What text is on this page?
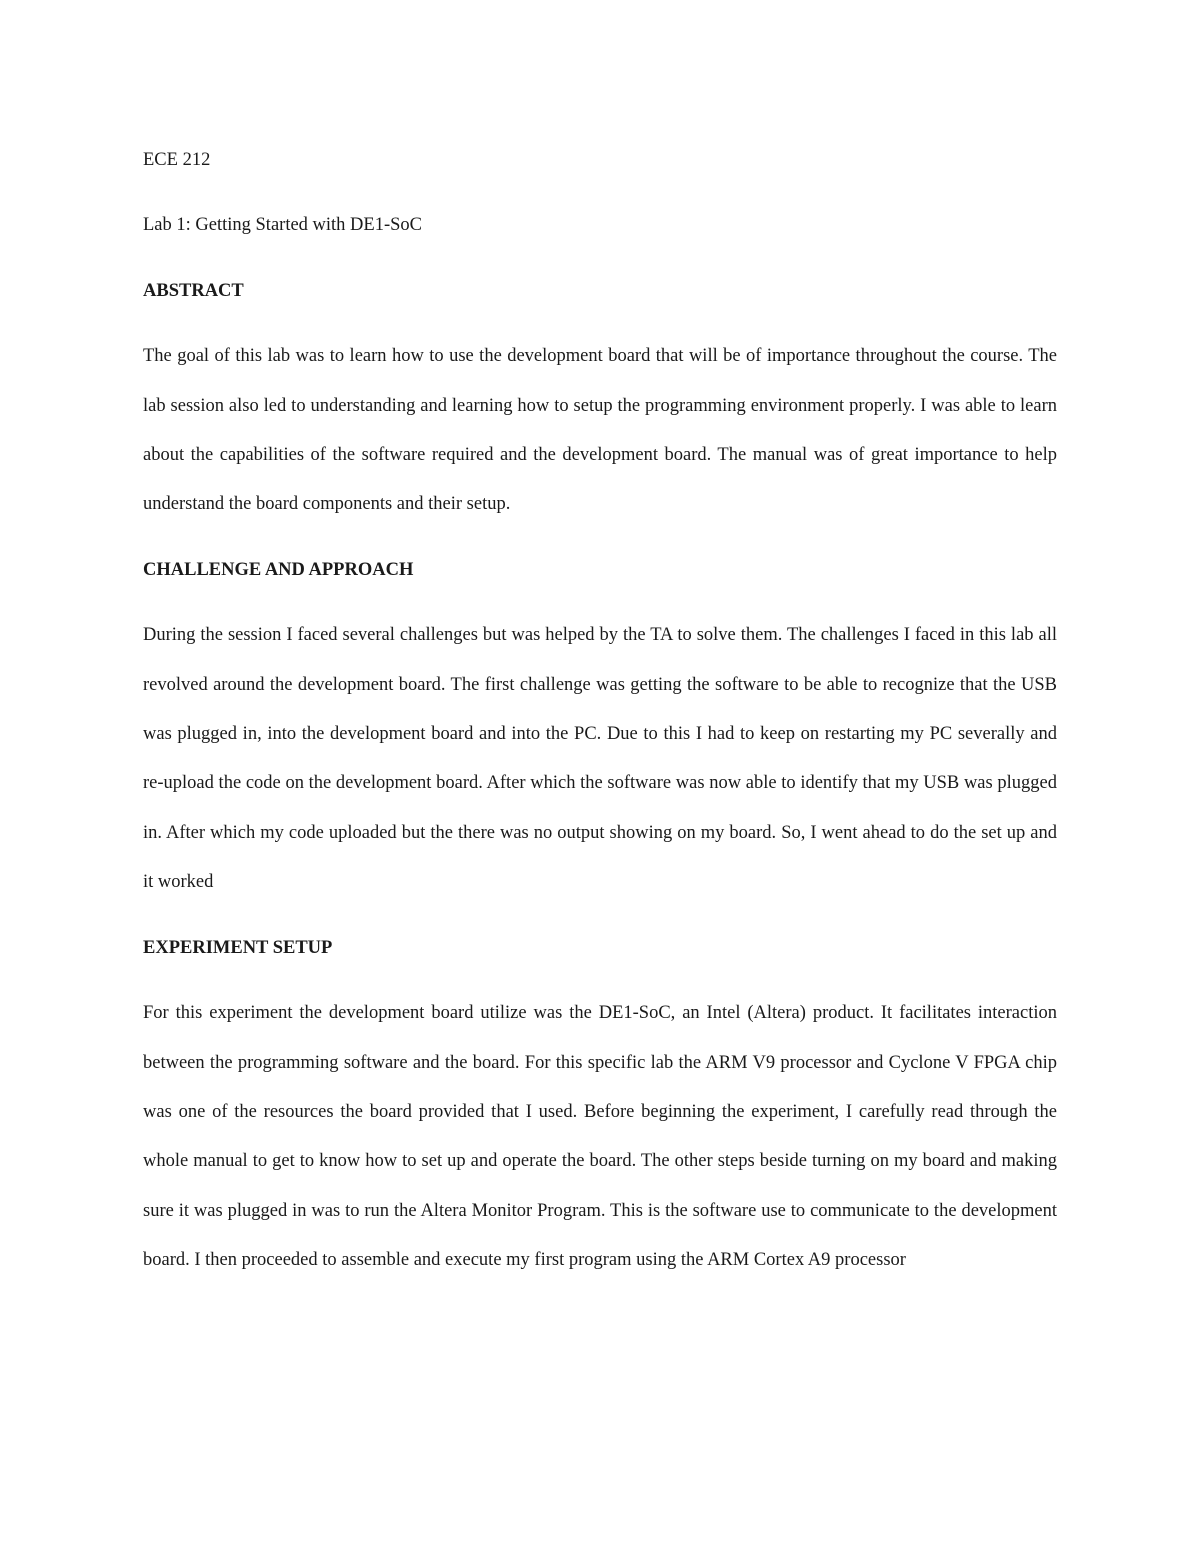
ECE 212
Lab 1: Getting Started with DE1-SoC
ABSTRACT

The goal of this lab was to learn how to use the development board that will be of importance throughout the course. The lab session also led to understanding and learning how to setup the programming environment properly. I was able to learn about the capabilities of the software required and the development board. The manual was of great importance to help understand the board components and their setup.

CHALLENGE AND APPROACH

During the session I faced several challenges but was helped by the TA to solve them. The challenges I faced in this lab all revolved around the development board. The first challenge was getting the software to be able to recognize that the USB was plugged in, into the development board and into the PC. Due to this I had to keep on restarting my PC severally and re-upload the code on the development board. After which the software was now able to identify that my USB was plugged in. After which my code uploaded but the there was no output showing on my board. So, I went ahead to do the set up and it worked

EXPERIMENT SETUP

For this experiment the development board utilize was the DE1-SoC, an Intel (Altera) product. It facilitates interaction between the programming software and the board. For this specific lab the ARM V9 processor and Cyclone V FPGA chip was one of the resources the board provided that I used. Before beginning the experiment, I carefully read through the whole manual to get to know how to set up and operate the board. The other steps beside turning on my board and making sure it was plugged in was to run the Altera Monitor Program. This is the software use to communicate to the development board. I then proceeded to assemble and execute my first program using the ARM Cortex A9 processor
